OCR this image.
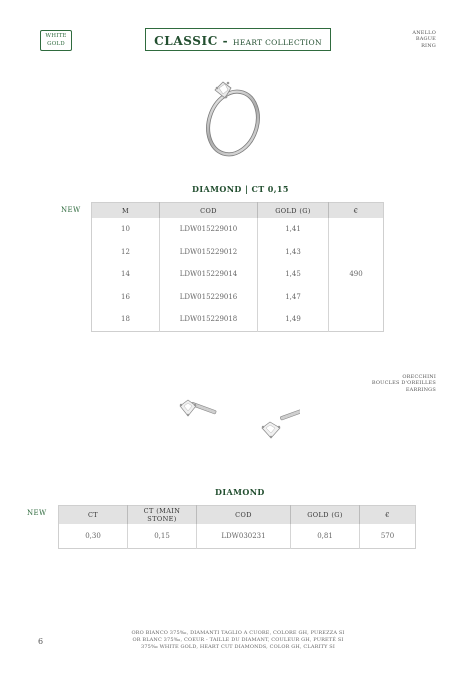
WHITE
GOLD	CLASSIC - HEART COLLECTION
ANELLO
BAGUE
RING
DIAMOND | CT 0,15
NEW	M	COD	GOLD (G)	€
10	LDW015229010	1,41	490
12	LDW015229012	1,43	
14	LDW015229014	1,45	
16	LDW015229016	1,47	
18	LDW015229018	1,49	
ORECCHINI
BOUCLES D'OREILLES
EARRINGS
DIAMOND
NEW	CT	CT (MAIN STONE)	COD	GOLD (G)	€
0,30	0,15	LDW030231	0,81	570
6
ORO BIANCO 375‰, DIAMANTI TAGLIO A CUORE, COLORE GH, PUREZZA SI
OR BLANC 375‰, COEUR - TAILLE DU DIAMANT, COULEUR GH, PURETÉ SI
375‰ WHITE GOLD, HEART CUT DIAMONDS, COLOR GH, CLARITY SI
